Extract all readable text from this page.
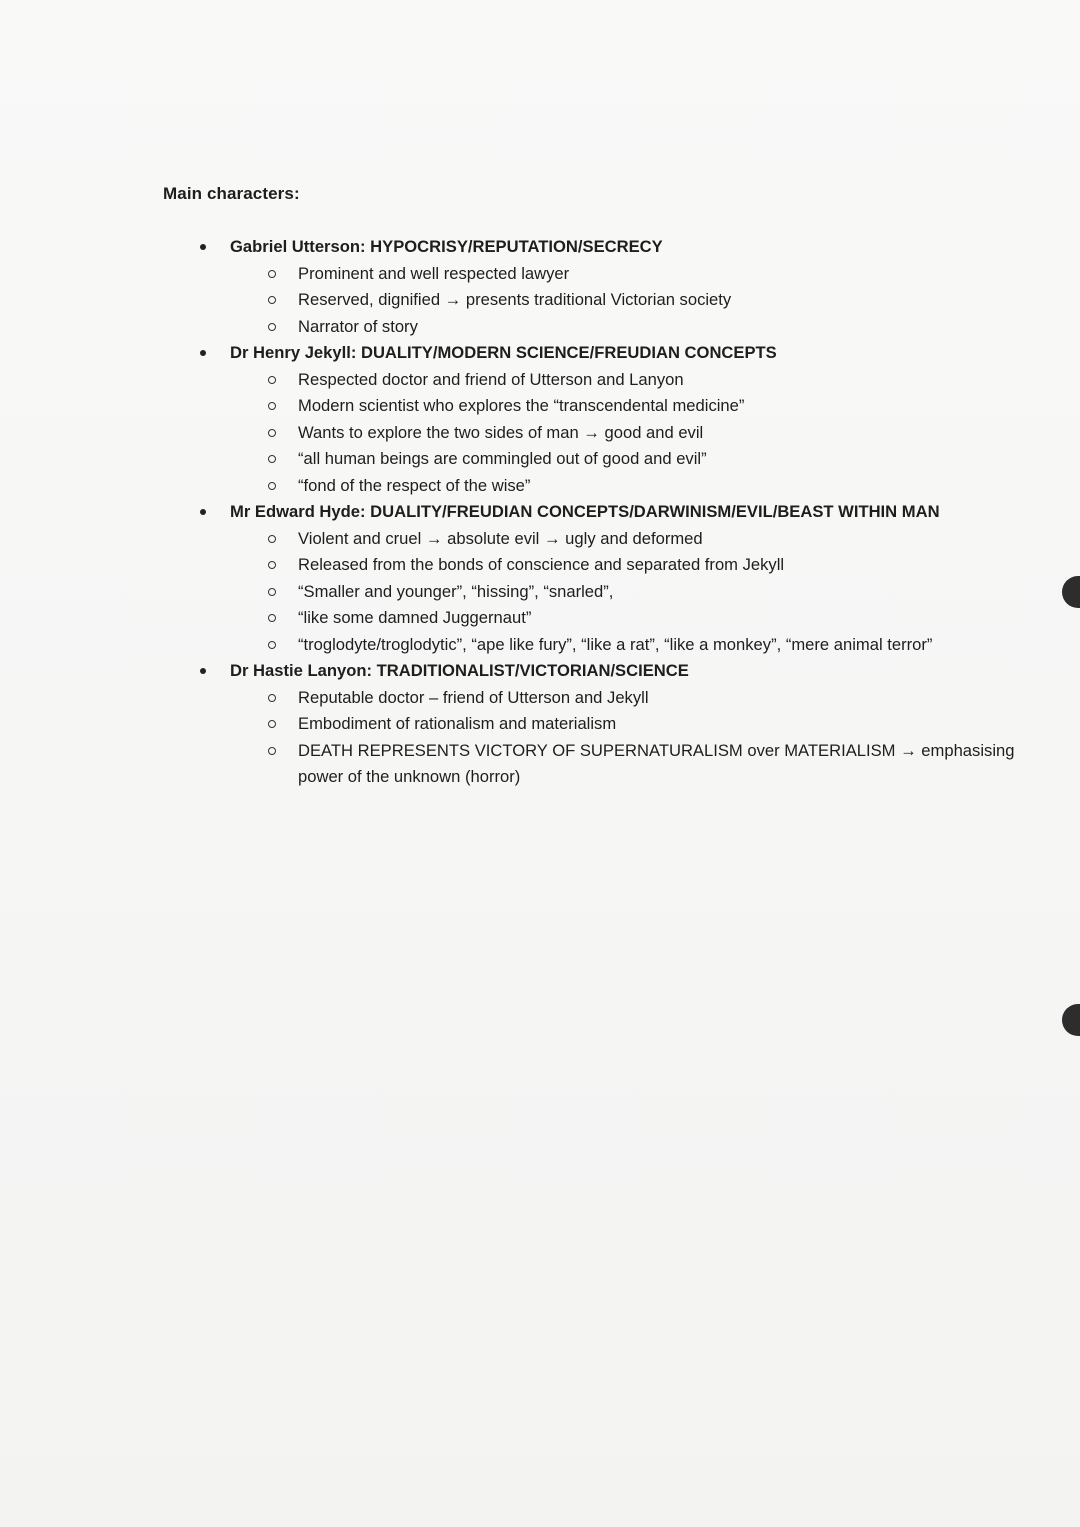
Main characters:
Gabriel Utterson: HYPOCRISY/REPUTATION/SECRECY
Prominent and well respected lawyer
Reserved, dignified → presents traditional Victorian society
Narrator of story
Dr Henry Jekyll: DUALITY/MODERN SCIENCE/FREUDIAN CONCEPTS
Respected doctor and friend of Utterson and Lanyon
Modern scientist who explores the “transcendental medicine”
Wants to explore the two sides of man → good and evil
“all human beings are commingled out of good and evil”
“fond of the respect of the wise”
Mr Edward Hyde: DUALITY/FREUDIAN CONCEPTS/DARWINISM/EVIL/BEAST WITHIN MAN
Violent and cruel → absolute evil → ugly and deformed
Released from the bonds of conscience and separated from Jekyll
“Smaller and younger”, “hissing”, “snarled”,
“like some damned Juggernaut”
“troglodyte/troglodytic”, “ape like fury”, “like a rat”, “like a monkey”, “mere animal terror”
Dr Hastie Lanyon: TRADITIONALIST/VICTORIAN/SCIENCE
Reputable doctor – friend of Utterson and Jekyll
Embodiment of rationalism and materialism
DEATH REPRESENTS VICTORY OF SUPERNATURALISM over MATERIALISM → emphasising power of the unknown (horror)
